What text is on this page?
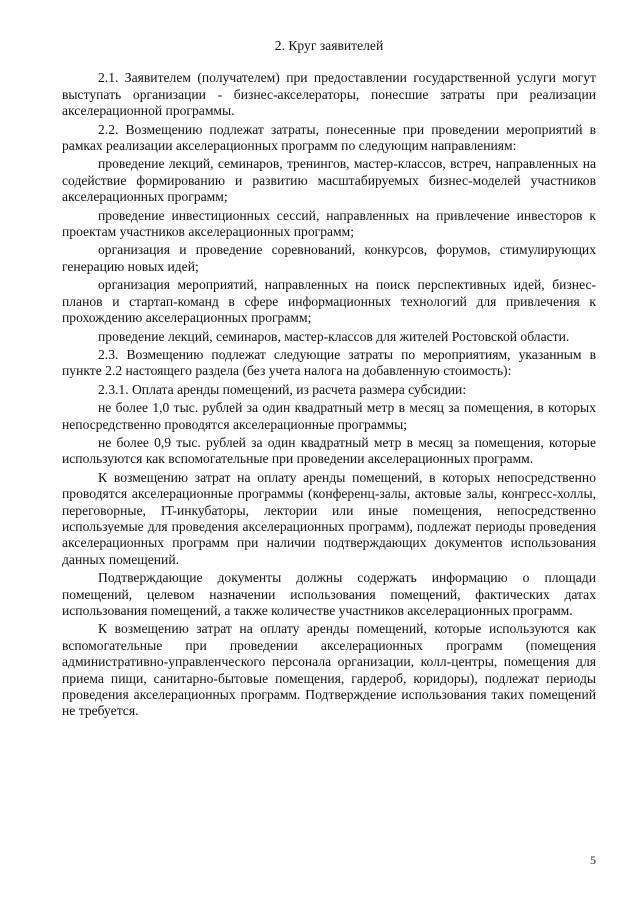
2. Круг заявителей
2.1. Заявителем (получателем) при предоставлении государственной услуги могут выступать организации - бизнес-акселераторы, понесшие затраты при реализации акселерационной программы.
2.2. Возмещению подлежат затраты, понесенные при проведении мероприятий в рамках реализации акселерационных программ по следующим направлениям:
проведение лекций, семинаров, тренингов, мастер-классов, встреч, направленных на содействие формированию и развитию масштабируемых бизнес-моделей участников акселерационных программ;
проведение инвестиционных сессий, направленных на привлечение инвесторов к проектам участников акселерационных программ;
организация и проведение соревнований, конкурсов, форумов, стимулирующих генерацию новых идей;
организация мероприятий, направленных на поиск перспективных идей, бизнес-планов и стартап-команд в сфере информационных технологий для привлечения к прохождению акселерационных программ;
проведение лекций, семинаров, мастер-классов для жителей Ростовской области.
2.3. Возмещению подлежат следующие затраты по мероприятиям, указанным в пункте 2.2 настоящего раздела (без учета налога на добавленную стоимость):
2.3.1. Оплата аренды помещений, из расчета размера субсидии:
не более 1,0 тыс. рублей за один квадратный метр в месяц за помещения, в которых непосредственно проводятся акселерационные программы;
не более 0,9 тыс. рублей за один квадратный метр в месяц за помещения, которые используются как вспомогательные при проведении акселерационных программ.
К возмещению затрат на оплату аренды помещений, в которых непосредственно проводятся акселерационные программы (конференц-залы, актовые залы, конгресс-холлы, переговорные, IT-инкубаторы, лектории или иные помещения, непосредственно используемые для проведения акселерационных программ), подлежат периоды проведения акселерационных программ при наличии подтверждающих документов использования данных помещений.
Подтверждающие документы должны содержать информацию о площади помещений, целевом назначении использования помещений, фактических датах использования помещений, а также количестве участников акселерационных программ.
К возмещению затрат на оплату аренды помещений, которые используются как вспомогательные при проведении акселерационных программ (помещения административно-управленческого персонала организации, колл-центры, помещения для приема пищи, санитарно-бытовые помещения, гардероб, коридоры), подлежат периоды проведения акселерационных программ. Подтверждение использования таких помещений не требуется.
5
